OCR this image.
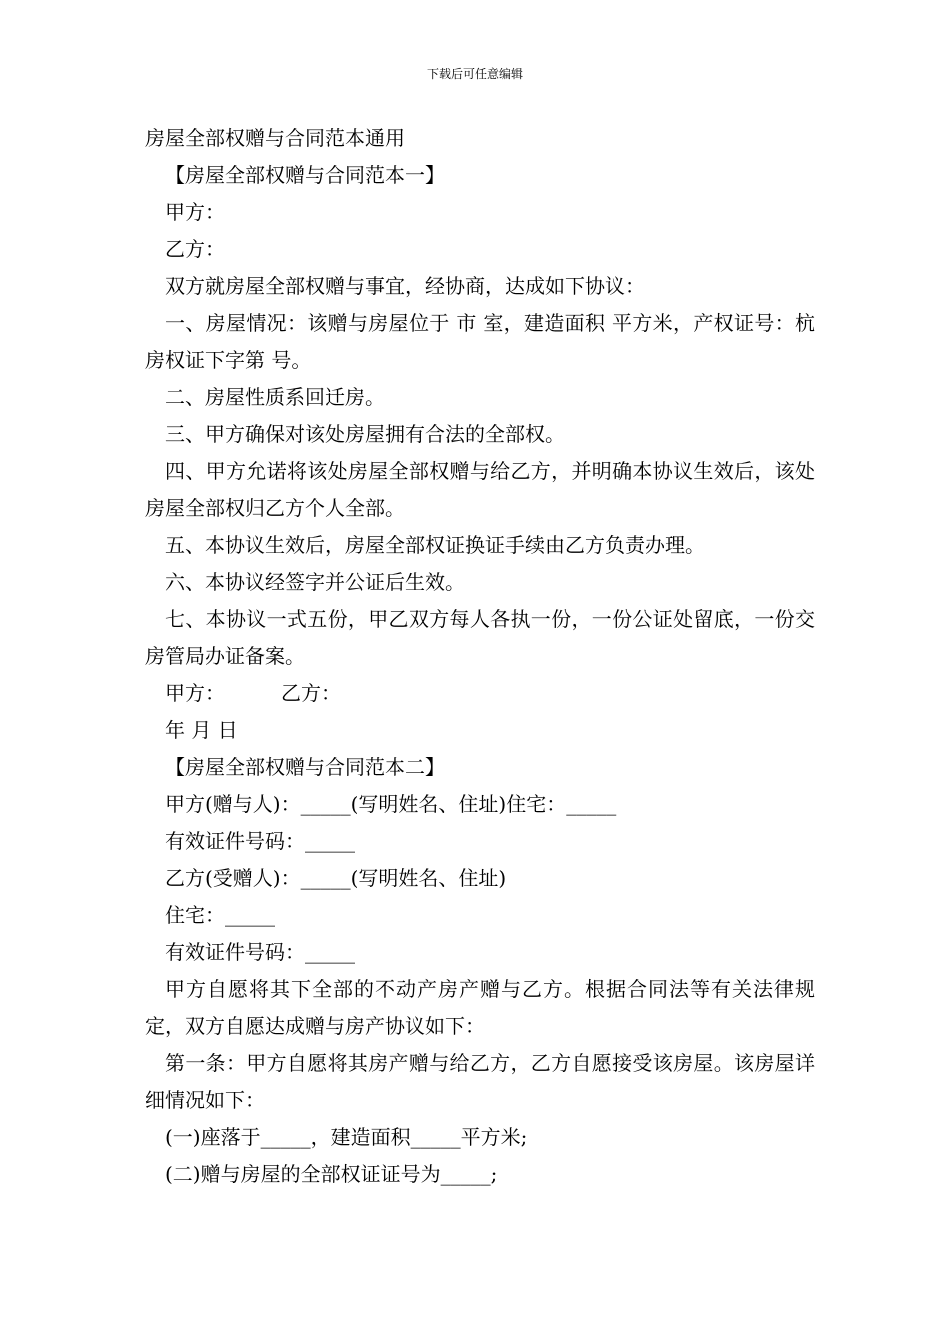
下载后可任意编辑
房屋全部权赠与合同范本通用
【房屋全部权赠与合同范本一】
甲方：
乙方：
双方就房屋全部权赠与事宜，经协商，达成如下协议：
一、房屋情况：该赠与房屋位于 市 室，建造面积 平方米，产权证号：杭房权证下字第 号。
二、房屋性质系回迁房。
三、甲方确保对该处房屋拥有合法的全部权。
四、甲方允诺将该处房屋全部权赠与给乙方，并明确本协议生效后，该处房屋全部权归乙方个人全部。
五、本协议生效后，房屋全部权证换证手续由乙方负责办理。
六、本协议经签字并公证后生效。
七、本协议一式五份，甲乙双方每人各执一份，一份公证处留底，一份交房管局办证备案。
甲方：	乙方：
年 月 日
【房屋全部权赠与合同范本二】
甲方(赠与人)：_____(写明姓名、住址)住宅：_____
有效证件号码：_____
乙方(受赠人)：_____(写明姓名、住址)
住宅：_____
有效证件号码：_____
甲方自愿将其下全部的不动产房产赠与乙方。根据合同法等有关法律规定，双方自愿达成赠与房产协议如下：
第一条：甲方自愿将其房产赠与给乙方，乙方自愿接受该房屋。该房屋详细情况如下：
(一)座落于_____，建造面积_____平方米;
(二)赠与房屋的全部权证证号为_____;
